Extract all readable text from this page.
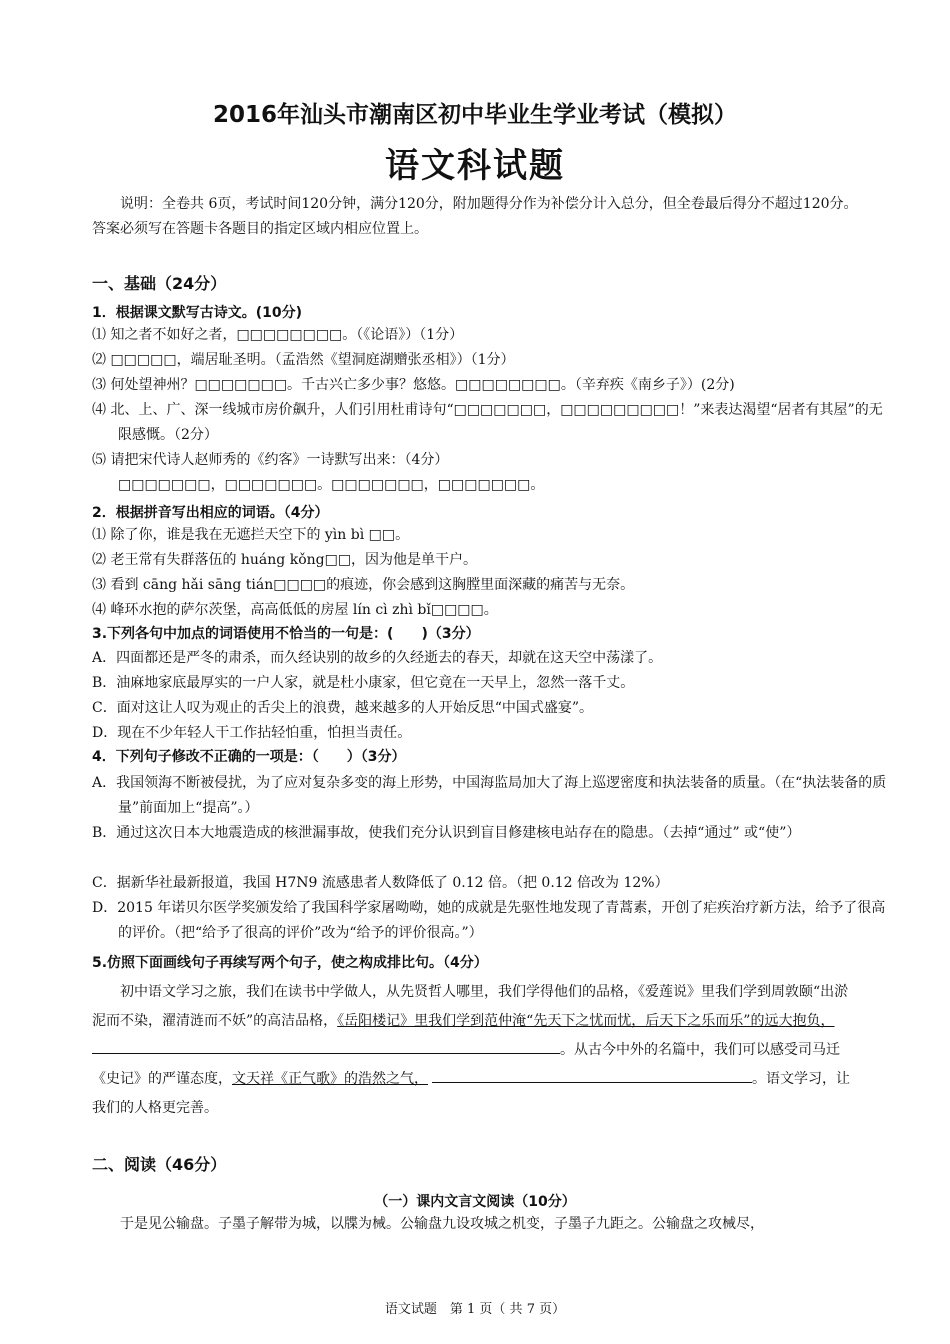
2016年汕头市潮南区初中毕业生学业考试（模拟）
语文科试题
说明：全卷共 6页，考试时间120分钟，满分120分，附加题得分作为补偿分计入总分，但全卷最后得分不超过120分。答案必须写在答题卡各题目的指定区域内相应位置上。
一、基础（24分）
1．根据课文默写古诗文。(10分)
⑴ 知之者不如好之者，□□□□□□□□。（《论语》）（1分）
⑵ □□□□□，端居耻圣明。（孟浩然《望洞庭湖赠张丞相》）（1分）
⑶ 何处望神州？□□□□□□□。千古兴亡多少事？悠悠。□□□□□□□□。（辛弃疾《南乡子》）(2分)
⑷ 北、上、广、深一线城市房价飙升，人们引用杜甫诗句“□□□□□□□，□□□□□□□□□！”来表达渴望“居者有其屋”的无限感慨。（2分）
⑸ 请把宋代诗人赵师秀的《约客》一诗默写出来：（4分）
□□□□□□□，□□□□□□□。□□□□□□□，□□□□□□□。
2．根据拼音写出相应的词语。（4分）
⑴ 除了你，谁是我在无遮拦天空下的 yìn bì □□。
⑵ 老王常有失群落伍的 huáng kǒng□□，因为他是单干户。
⑶ 看到 cāng hǎi sāng tián□□□□的痕迹，你会感到这胸膛里面深藏的痛苦与无奈。
⑷ 峰环水抱的萨尔茨堡，高高低低的房屋 lín cì zhì bǐ□□□□。
3.下列各句中加点的词语使用不恰当的一句是：(　　)（3分）
A．四面都还是严冬的肃杀，而久经诀别的故乡的久经逝去的春天，却就在这天空中荡漾了。
B．油麻地家底最厚实的一户人家，就是杜小康家，但它竟在一天早上，忽然一落千丈。
C．面对这让人叹为观止的舌尖上的浪费，越来越多的人开始反思“中国式盛宴”。
D．现在不少年轻人干工作拈轻怕重，怕担当责任。
4．下列句子修改不正确的一项是：（　　）（3分）
A．我国领海不断被侵扰，为了应对复杂多变的海上形势，中国海监局加大了海上巡逻密度和执法装备的质量。（在“执法装备的质量”前面加上“提高”。）
B．通过这次日本大地震造成的核泄漏事故，使我们充分认识到盲目修建核电站存在的隐患。（去掉“通过” 或“使”）
C．据新华社最新报道，我国 H7N9 流感患者人数降低了 0.12 倍。（把 0.12 倍改为 12%）
D．2015 年诺贝尔医学奖颁发给了我国科学家屠呦呦，她的成就是先驱性地发现了青蒿素，开创了疟疾治疗新方法，给予了很高的评价。（把“给予了很高的评价”改为“给予的评价很高。”）
5.仿照下面画线句子再续写两个句子，使之构成排比句。（4分）
初中语文学习之旅，我们在读书中学做人，从先贤哲人哪里，我们学得他们的品格，《爱莲说》里我们学到周敦颐“出淤泥而不染，濯清涟而不妖”的高洁品格，《岳阳楼记》里我们学到范仲淹“先天下之忧而忧，后天下之乐而乐”的远大抱负，。从古今中外的名篇中，我们可以感受司马迁《史记》的严谨态度，文天祥《正气歌》的浩然之气，	。语文学习，让我们的人格更完善。
二、阅读（46分）
（一）课内文言文阅读（10分）
于是见公输盘。子墨子解带为城，以牒为械。公输盘九设攻城之机变，子墨子九距之。公输盘之攻械尽，
语文试题　第 1 页（ 共 7 页）
